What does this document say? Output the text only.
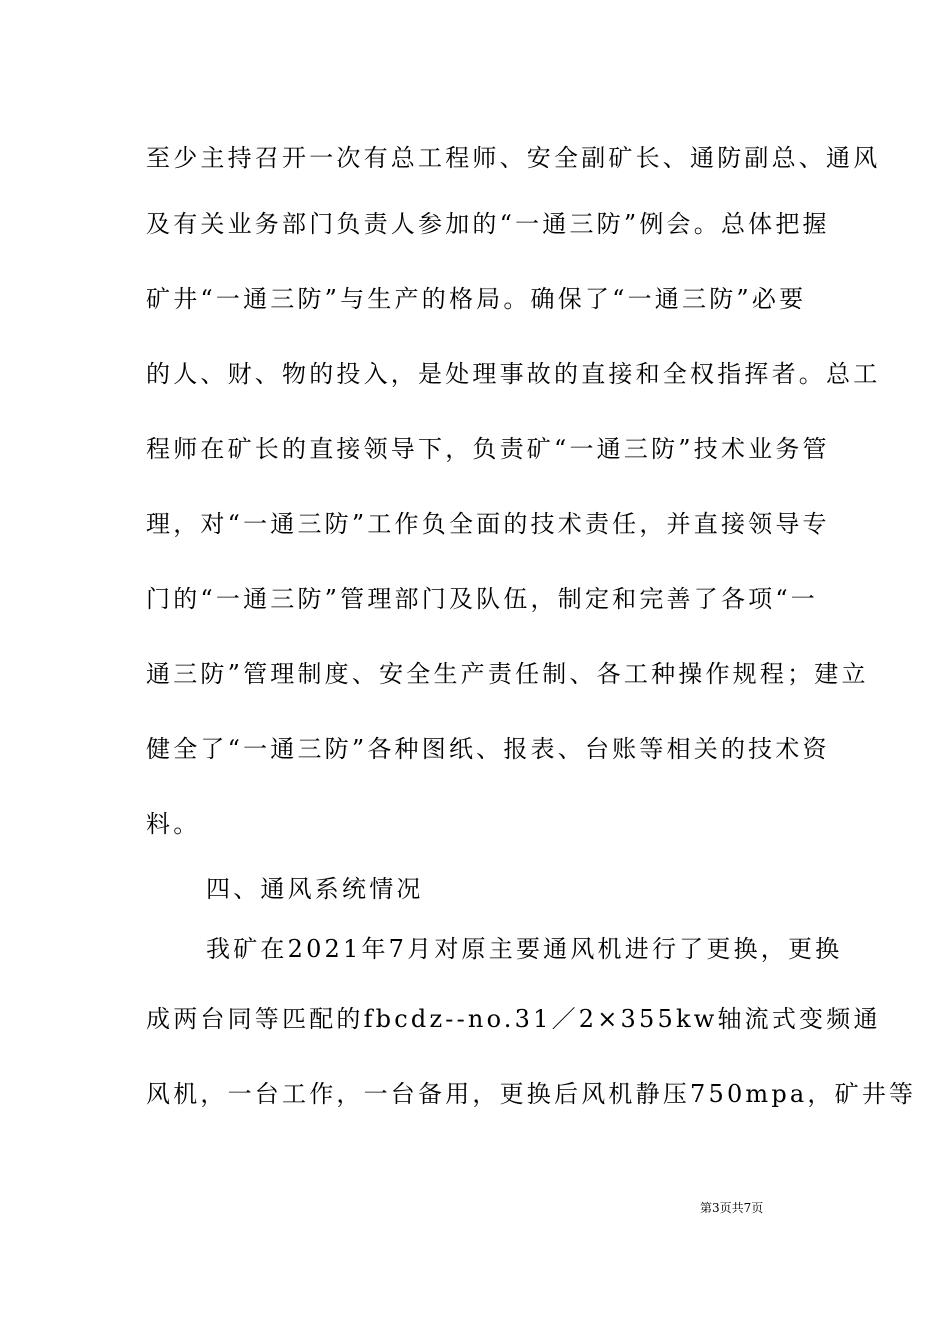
至少主持召开一次有总工程师、安全副矿长、通防副总、通风
及有关业务部门负责人参加的“一通三防”例会。总体把握
矿井“一通三防”与生产的格局。确保了“一通三防”必要
的人、财、物的投入，是处理事故的直接和全权指挥者。总工
程师在矿长的直接领导下，负责矿“一通三防”技术业务管
理，对“一通三防”工作负全面的技术责任，并直接领导专
门的“一通三防”管理部门及队伍，制定和完善了各项“一
通三防”管理制度、安全生产责任制、各工种操作规程；建立
健全了“一通三防”各种图纸、报表、台账等相关的技术资
料。
四、通风系统情况
我矿在2021年7月对原主要通风机进行了更换，更换
成两台同等匹配的fbcdz--no.31／2×355kw轴流式变频通
风机，一台工作，一台备用，更换后风机静压750mpa，矿井等
第3页共7页
